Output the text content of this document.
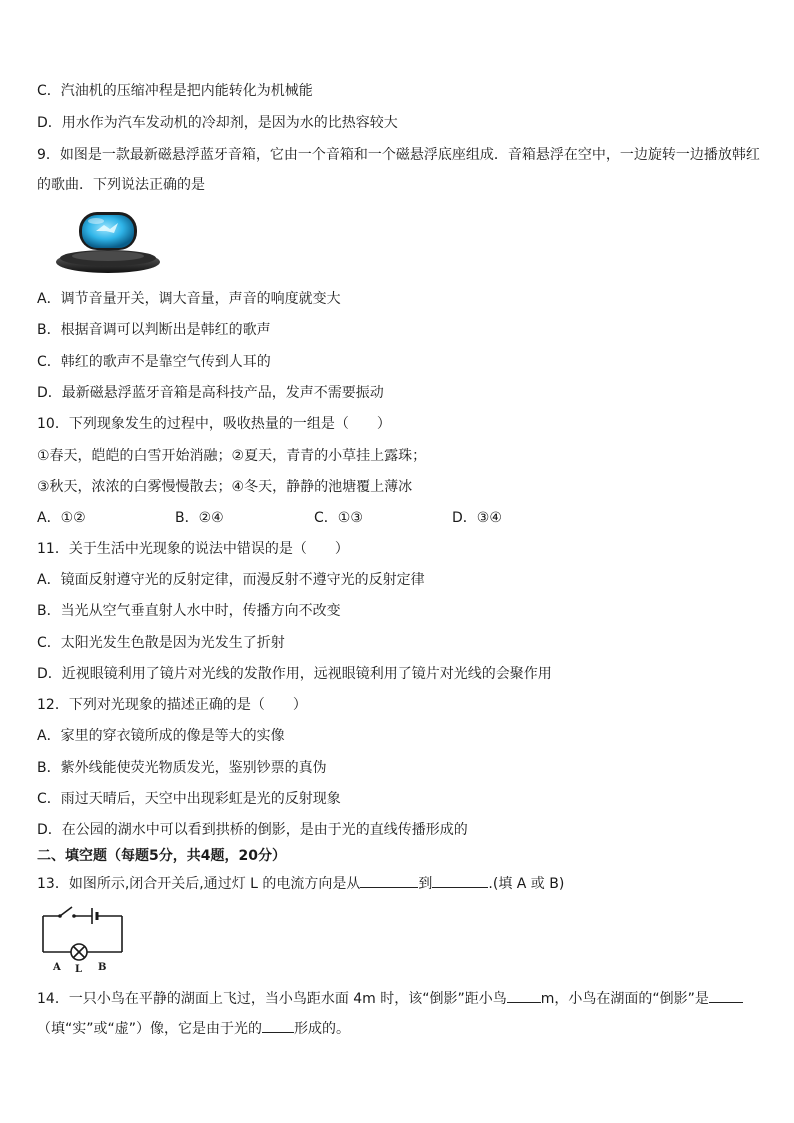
C．汽油机的压缩冲程是把内能转化为机械能
D．用水作为汽车发动机的冷却剂，是因为水的比热容较大
9．如图是一款最新磁悬浮蓝牙音箱，它由一个音箱和一个磁悬浮底座组成．音箱悬浮在空中，一边旋转一边播放韩红
的歌曲．下列说法正确的是
A．调节音量开关，调大音量，声音的响度就变大
B．根据音调可以判断出是韩红的歌声
C．韩红的歌声不是靠空气传到人耳的
D．最新磁悬浮蓝牙音箱是高科技产品，发声不需要振动
10．下列现象发生的过程中，吸收热量的一组是（　　）
①春天，皑皑的白雪开始消融；②夏天，青青的小草挂上露珠；
③秋天，浓浓的白雾慢慢散去；④冬天，静静的池塘覆上薄冰
A．①②	B．②④	C．①③	D．③④
11．关于生活中光现象的说法中错误的是（　　）
A．镜面反射遵守光的反射定律，而漫反射不遵守光的反射定律
B．当光从空气垂直射人水中时，传播方向不改变
C．太阳光发生色散是因为光发生了折射
D．近视眼镜利用了镜片对光线的发散作用，远视眼镜利用了镜片对光线的会聚作用
12．下列对光现象的描述正确的是（　　）
A．家里的穿衣镜所成的像是等大的实像
B．紫外线能使荧光物质发光，鉴别钞票的真伪
C．雨过天晴后，天空中出现彩虹是光的反射现象
D．在公园的湖水中可以看到拱桥的倒影，是由于光的直线传播形成的
二、填空题（每题5分，共4题，20分）
13．如图所示,闭合开关后,通过灯 L 的电流方向是从	到	.(填 A 或 B)
A L B
14．一只小鸟在平静的湖面上飞过，当小鸟距水面 4m 时，该“倒影”距小鸟 m，小鸟在湖面的“倒影”是
（填“实”或“虚”）像，它是由于光的 形成的。
